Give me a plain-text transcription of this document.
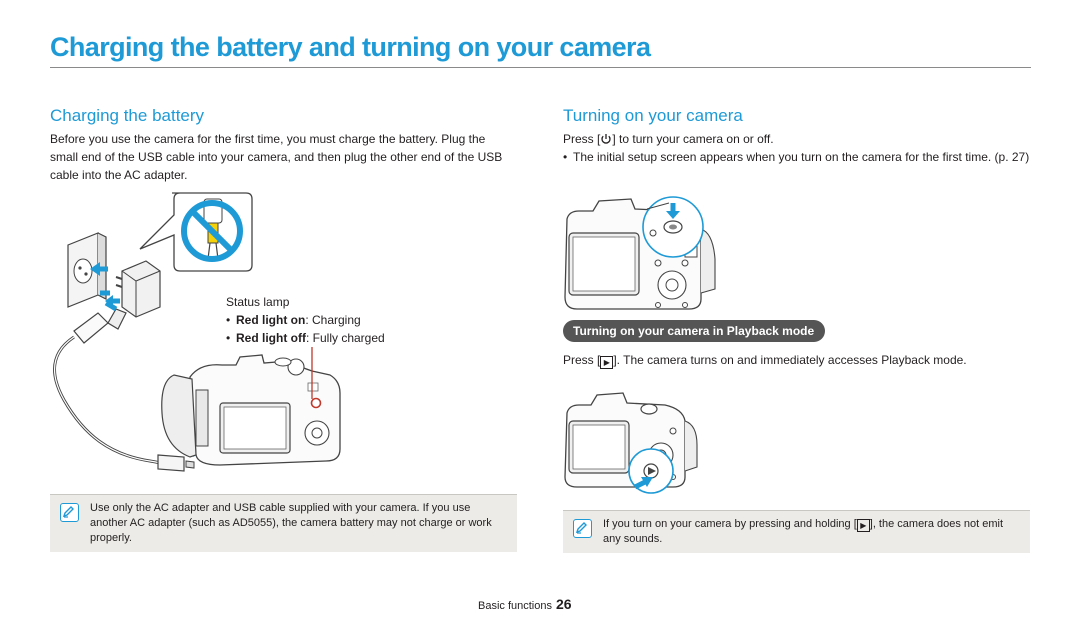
Charging the battery and turning on your camera
Charging the battery
Before you use the camera for the first time, you must charge the battery. Plug the small end of the USB cable into your camera, and then plug the other end of the USB cable into the AC adapter.
Status lamp
• Red light on: Charging
• Red light off: Fully charged
Use only the AC adapter and USB cable supplied with your camera. If you use another AC adapter (such as AD5055), the camera battery may not charge or work properly.
Turning on your camera
Press [ ] to turn your camera on or off.
• The initial setup screen appears when you turn on the camera for the first time. (p. 27)
Turning on your camera in Playback mode
Press [ ▶ ]. The camera turns on and immediately accesses Playback mode.
If you turn on your camera by pressing and holding [ ▶ ], the camera does not emit any sounds.
Basic functions 26
